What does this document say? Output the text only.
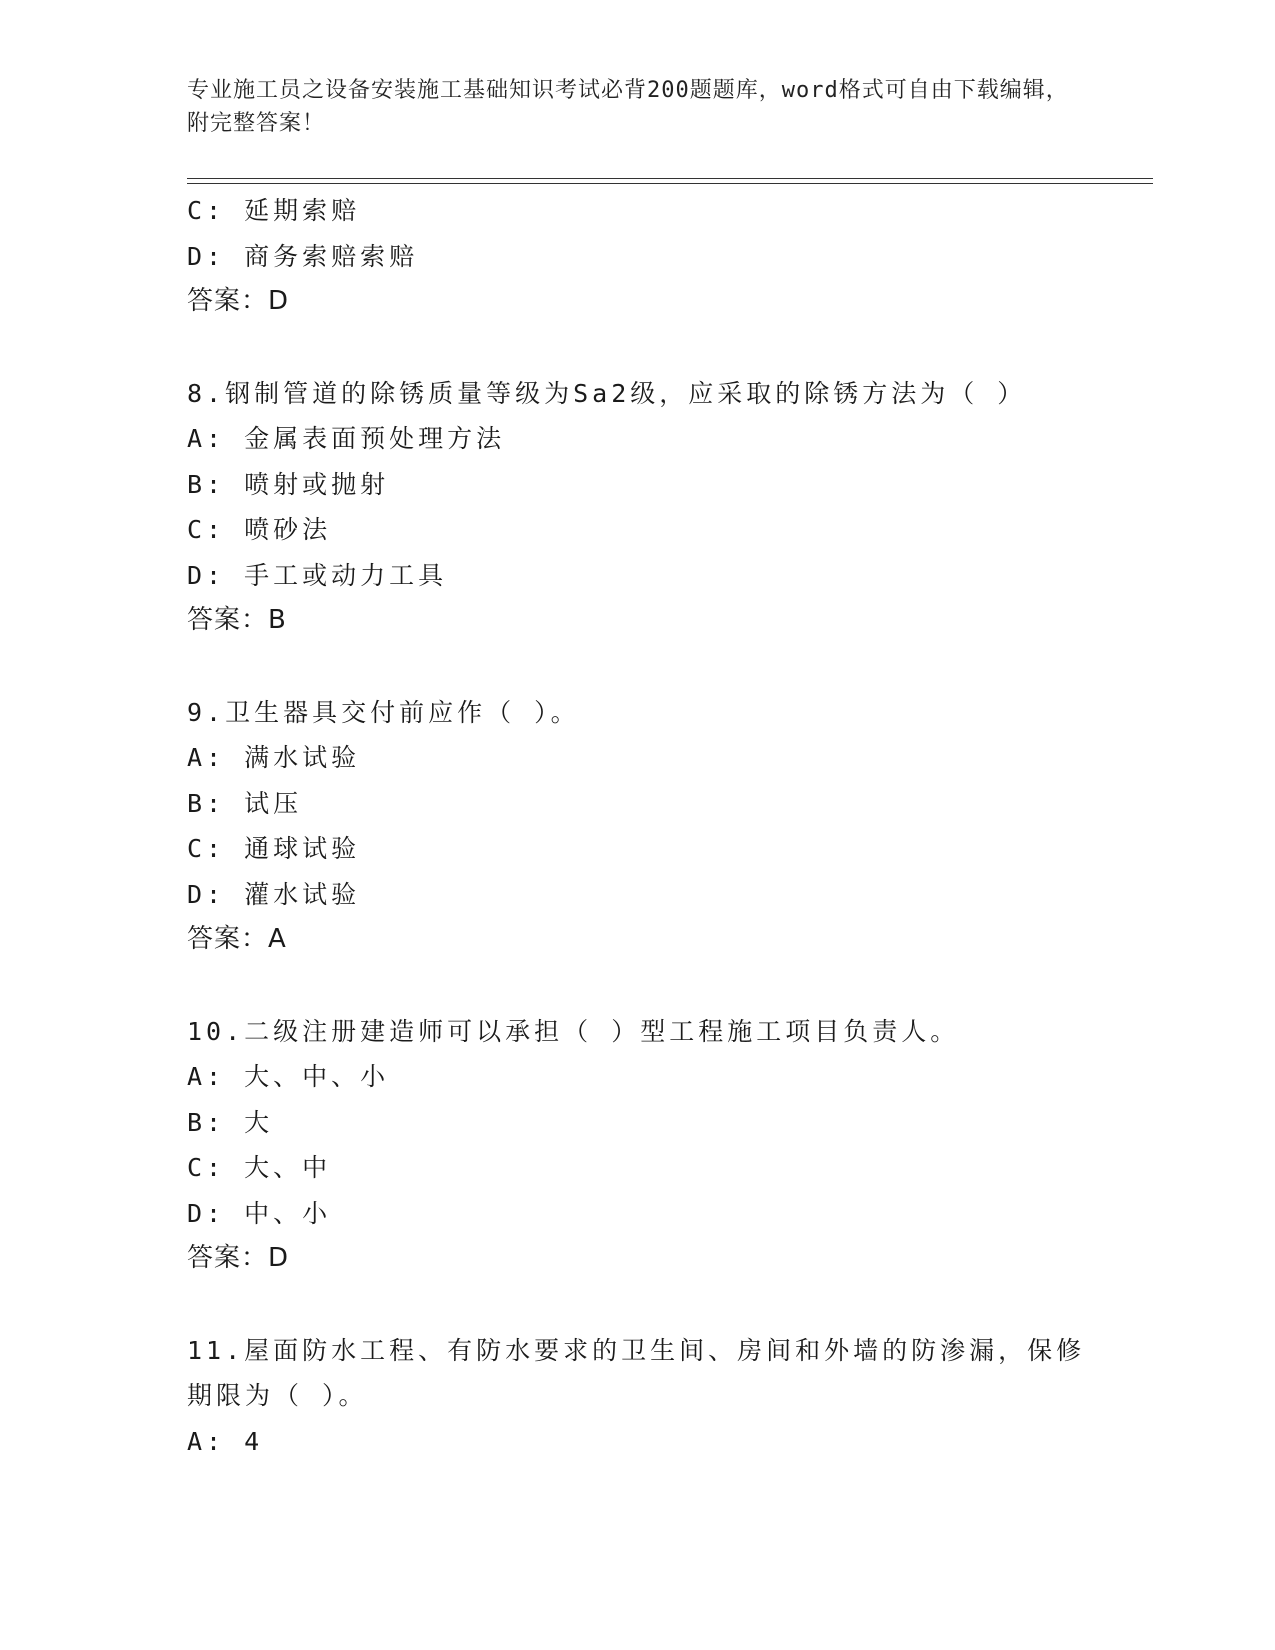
专业施工员之设备安装施工基础知识考试必背200题题库，word格式可自由下载编辑，附完整答案！
C: 延期索赔
D: 商务索赔索赔
答案：D
8.钢制管道的除锈质量等级为Sa2级，应采取的除锈方法为（ ）
A: 金属表面预处理方法
B: 喷射或抛射
C: 喷砂法
D: 手工或动力工具
答案：B
9.卫生器具交付前应作（ ）。
A: 满水试验
B: 试压
C: 通球试验
D: 灌水试验
答案：A
10.二级注册建造师可以承担（ ）型工程施工项目负责人。
A: 大、中、小
B: 大
C: 大、中
D: 中、小
答案：D
11.屋面防水工程、有防水要求的卫生间、房间和外墙的防渗漏，保修
期限为（ ）。
A: 4
